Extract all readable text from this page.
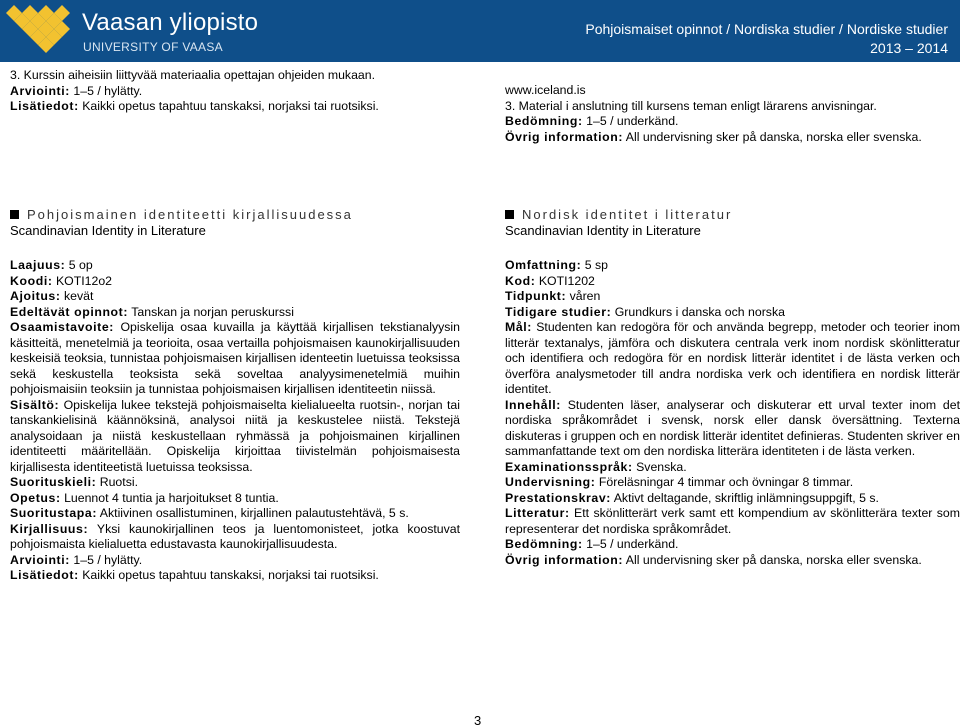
Vaasan yliopisto
UNIVERSITY OF VAASA
Pohjoismaiset opinnot / Nordiska studier / Nordiske studier
2013 – 2014

3. Kurssin aiheisiin liittyvää materiaalia opettajan ohjeiden mukaan.

Arviointi: 1–5 / hylätty.

Lisätiedot: Kaikki opetus tapahtuu tanskaksi, norjaksi tai ruotsiksi.

www.iceland.is

3. Material i anslutning till kursens teman enligt lärarens anvisningar.

Bedömning: 1–5 / underkänd.

Övrig information: All undervisning sker på danska, norska eller svenska.

Pohjoismainen identiteetti kirjallisuudessa
Scandinavian Identity in Literature

Laajuus: 5 op

Koodi: KOTI12o2

Ajoitus: kevät

Edeltävät opinnot: Tanskan ja norjan peruskurssi

Osaamistavoite: Opiskelija osaa kuvailla ja käyttää kirjallisen tekstianalyysin käsitteitä, menetelmiä ja teorioita, osaa vertailla pohjoismaisen kaunokirjallisuuden keskeisiä teoksia, tunnistaa pohjoismaisen kirjallisen identeetin luetuissa teoksissa sekä keskustella teoksista sekä soveltaa analyysimenetelmiä muihin pohjoismaisiin teoksiin ja tunnistaa pohjoismaisen kirjallisen identiteetin niissä.

Sisältö: Opiskelija lukee tekstejä pohjoismaiselta kielialueelta ruotsin-, norjan tai tanskankielisinä käännöksinä, analysoi niitä ja keskustelee niistä. Tekstejä analysoidaan ja niistä keskustellaan ryhmässä ja pohjoismainen kirjallinen identiteetti määritellään. Opiskelija kirjoittaa tiivistelmän pohjoismaisesta kirjallisesta identiteetistä luetuissa teoksissa.

Suorituskieli: Ruotsi.

Opetus: Luennot 4 tuntia ja harjoitukset 8 tuntia.

Suoritustapa: Aktiivinen osallistuminen, kirjallinen palautustehtävä, 5 s.

Kirjallisuus: Yksi kaunokirjallinen teos ja luentomonisteet, jotka koostuvat pohjoismaista kielialuetta edustavasta kaunokirjallisuudesta.

Arviointi: 1–5 / hylätty.

Lisätiedot: Kaikki opetus tapahtuu tanskaksi, norjaksi tai ruotsiksi.

Nordisk identitet i litteratur
Scandinavian Identity in Literature

Omfattning: 5 sp

Kod: KOTI1202

Tidpunkt: våren

Tidigare studier: Grundkurs i danska och norska

Mål: Studenten kan redogöra för och använda begrepp, metoder och teorier inom litterär textanalys, jämföra och diskutera centrala verk inom nordisk skönlitteratur och identifiera och redogöra för en nordisk litterär identitet i de lästa verken och överföra analysmetoder till andra nordiska verk och identifiera en nordisk litterär identitet.

Innehåll: Studenten läser, analyserar och diskuterar ett urval texter inom det nordiska språkområdet i svensk, norsk eller dansk översättning. Texterna diskuteras i gruppen och en nordisk litterär identitet definieras. Studenten skriver en sammanfattande text om den nordiska litterära identiteten i de lästa verken.

Examinationsspråk: Svenska.

Undervisning: Föreläsningar 4 timmar och övningar 8 timmar.

Prestationskrav: Aktivt deltagande, skriftlig inlämningsuppgift, 5 s.

Litteratur: Ett skönlitterärt verk samt ett kompendium av skönlitterära texter som representerar det nordiska språkområdet.

Bedömning: 1–5 / underkänd.

Övrig information: All undervisning sker på danska, norska eller svenska.

3
